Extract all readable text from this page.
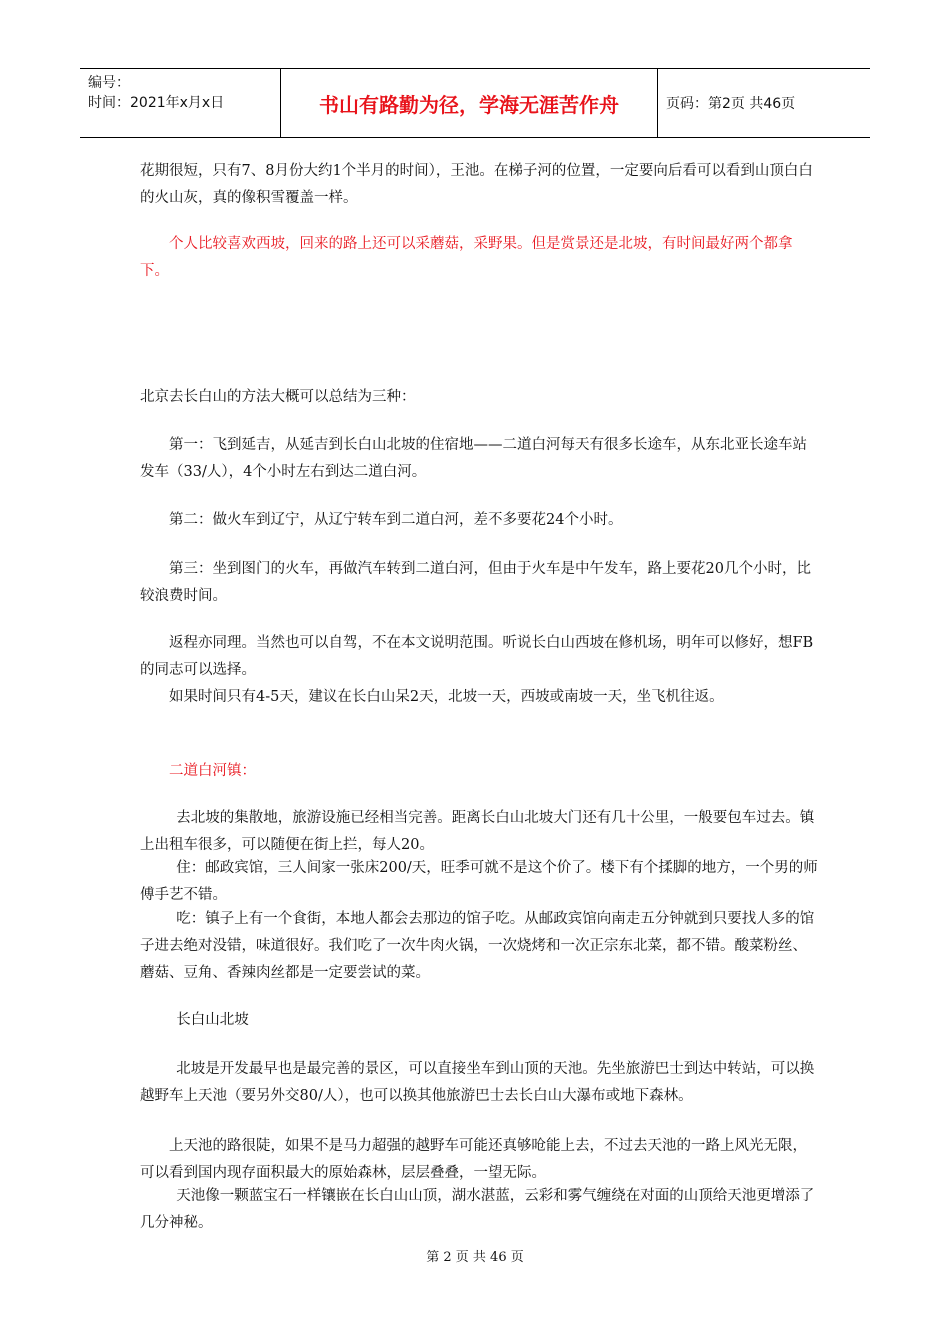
编号：
时间：2021年x月x日	书山有路勤为径，学海无涯苦作舟	页码：第2页 共46页

花期很短，只有7、8月份大约1个半月的时间），王池。在梯子河的位置，一定要向后看可以看到山顶白白的火山灰，真的像积雪覆盖一样。

个人比较喜欢西坡，回来的路上还可以采蘑菇，采野果。但是赏景还是北坡，有时间最好两个都拿下。

北京去长白山的方法大概可以总结为三种：

第一：飞到延吉，从延吉到长白山北坡的住宿地——二道白河每天有很多长途车，从东北亚长途车站发车（33/人），4个小时左右到达二道白河。

第二：做火车到辽宁，从辽宁转车到二道白河，差不多要花24个小时。

第三：坐到图门的火车，再做汽车转到二道白河，但由于火车是中午发车，路上要花20几个小时，比较浪费时间。

返程亦同理。当然也可以自驾，不在本文说明范围。听说长白山西坡在修机场，明年可以修好，想FB的同志可以选择。

如果时间只有4-5天，建议在长白山呆2天，北坡一天，西坡或南坡一天，坐飞机往返。

二道白河镇：

去北坡的集散地，旅游设施已经相当完善。距离长白山北坡大门还有几十公里，一般要包车过去。镇上出租车很多，可以随便在街上拦，每人20。

住：邮政宾馆，三人间家一张床200/天，旺季可就不是这个价了。楼下有个揉脚的地方，一个男的师傅手艺不错。

吃：镇子上有一个食街，本地人都会去那边的馆子吃。从邮政宾馆向南走五分钟就到只要找人多的馆子进去绝对没错，味道很好。我们吃了一次牛肉火锅，一次烧烤和一次正宗东北菜，都不错。酸菜粉丝、蘑菇、豆角、香辣肉丝都是一定要尝试的菜。

长白山北坡

北坡是开发最早也是最完善的景区，可以直接坐车到山顶的天池。先坐旅游巴士到达中转站，可以换越野车上天池（要另外交80/人），也可以换其他旅游巴士去长白山大瀑布或地下森林。

上天池的路很陡，如果不是马力超强的越野车可能还真够呛能上去，不过去天池的一路上风光无限，可以看到国内现存面积最大的原始森林，层层叠叠，一望无际。

天池像一颗蓝宝石一样镶嵌在长白山山顶，湖水湛蓝，云彩和雾气缠绕在对面的山顶给天池更增添了几分神秘。

第 2 页 共 46 页
